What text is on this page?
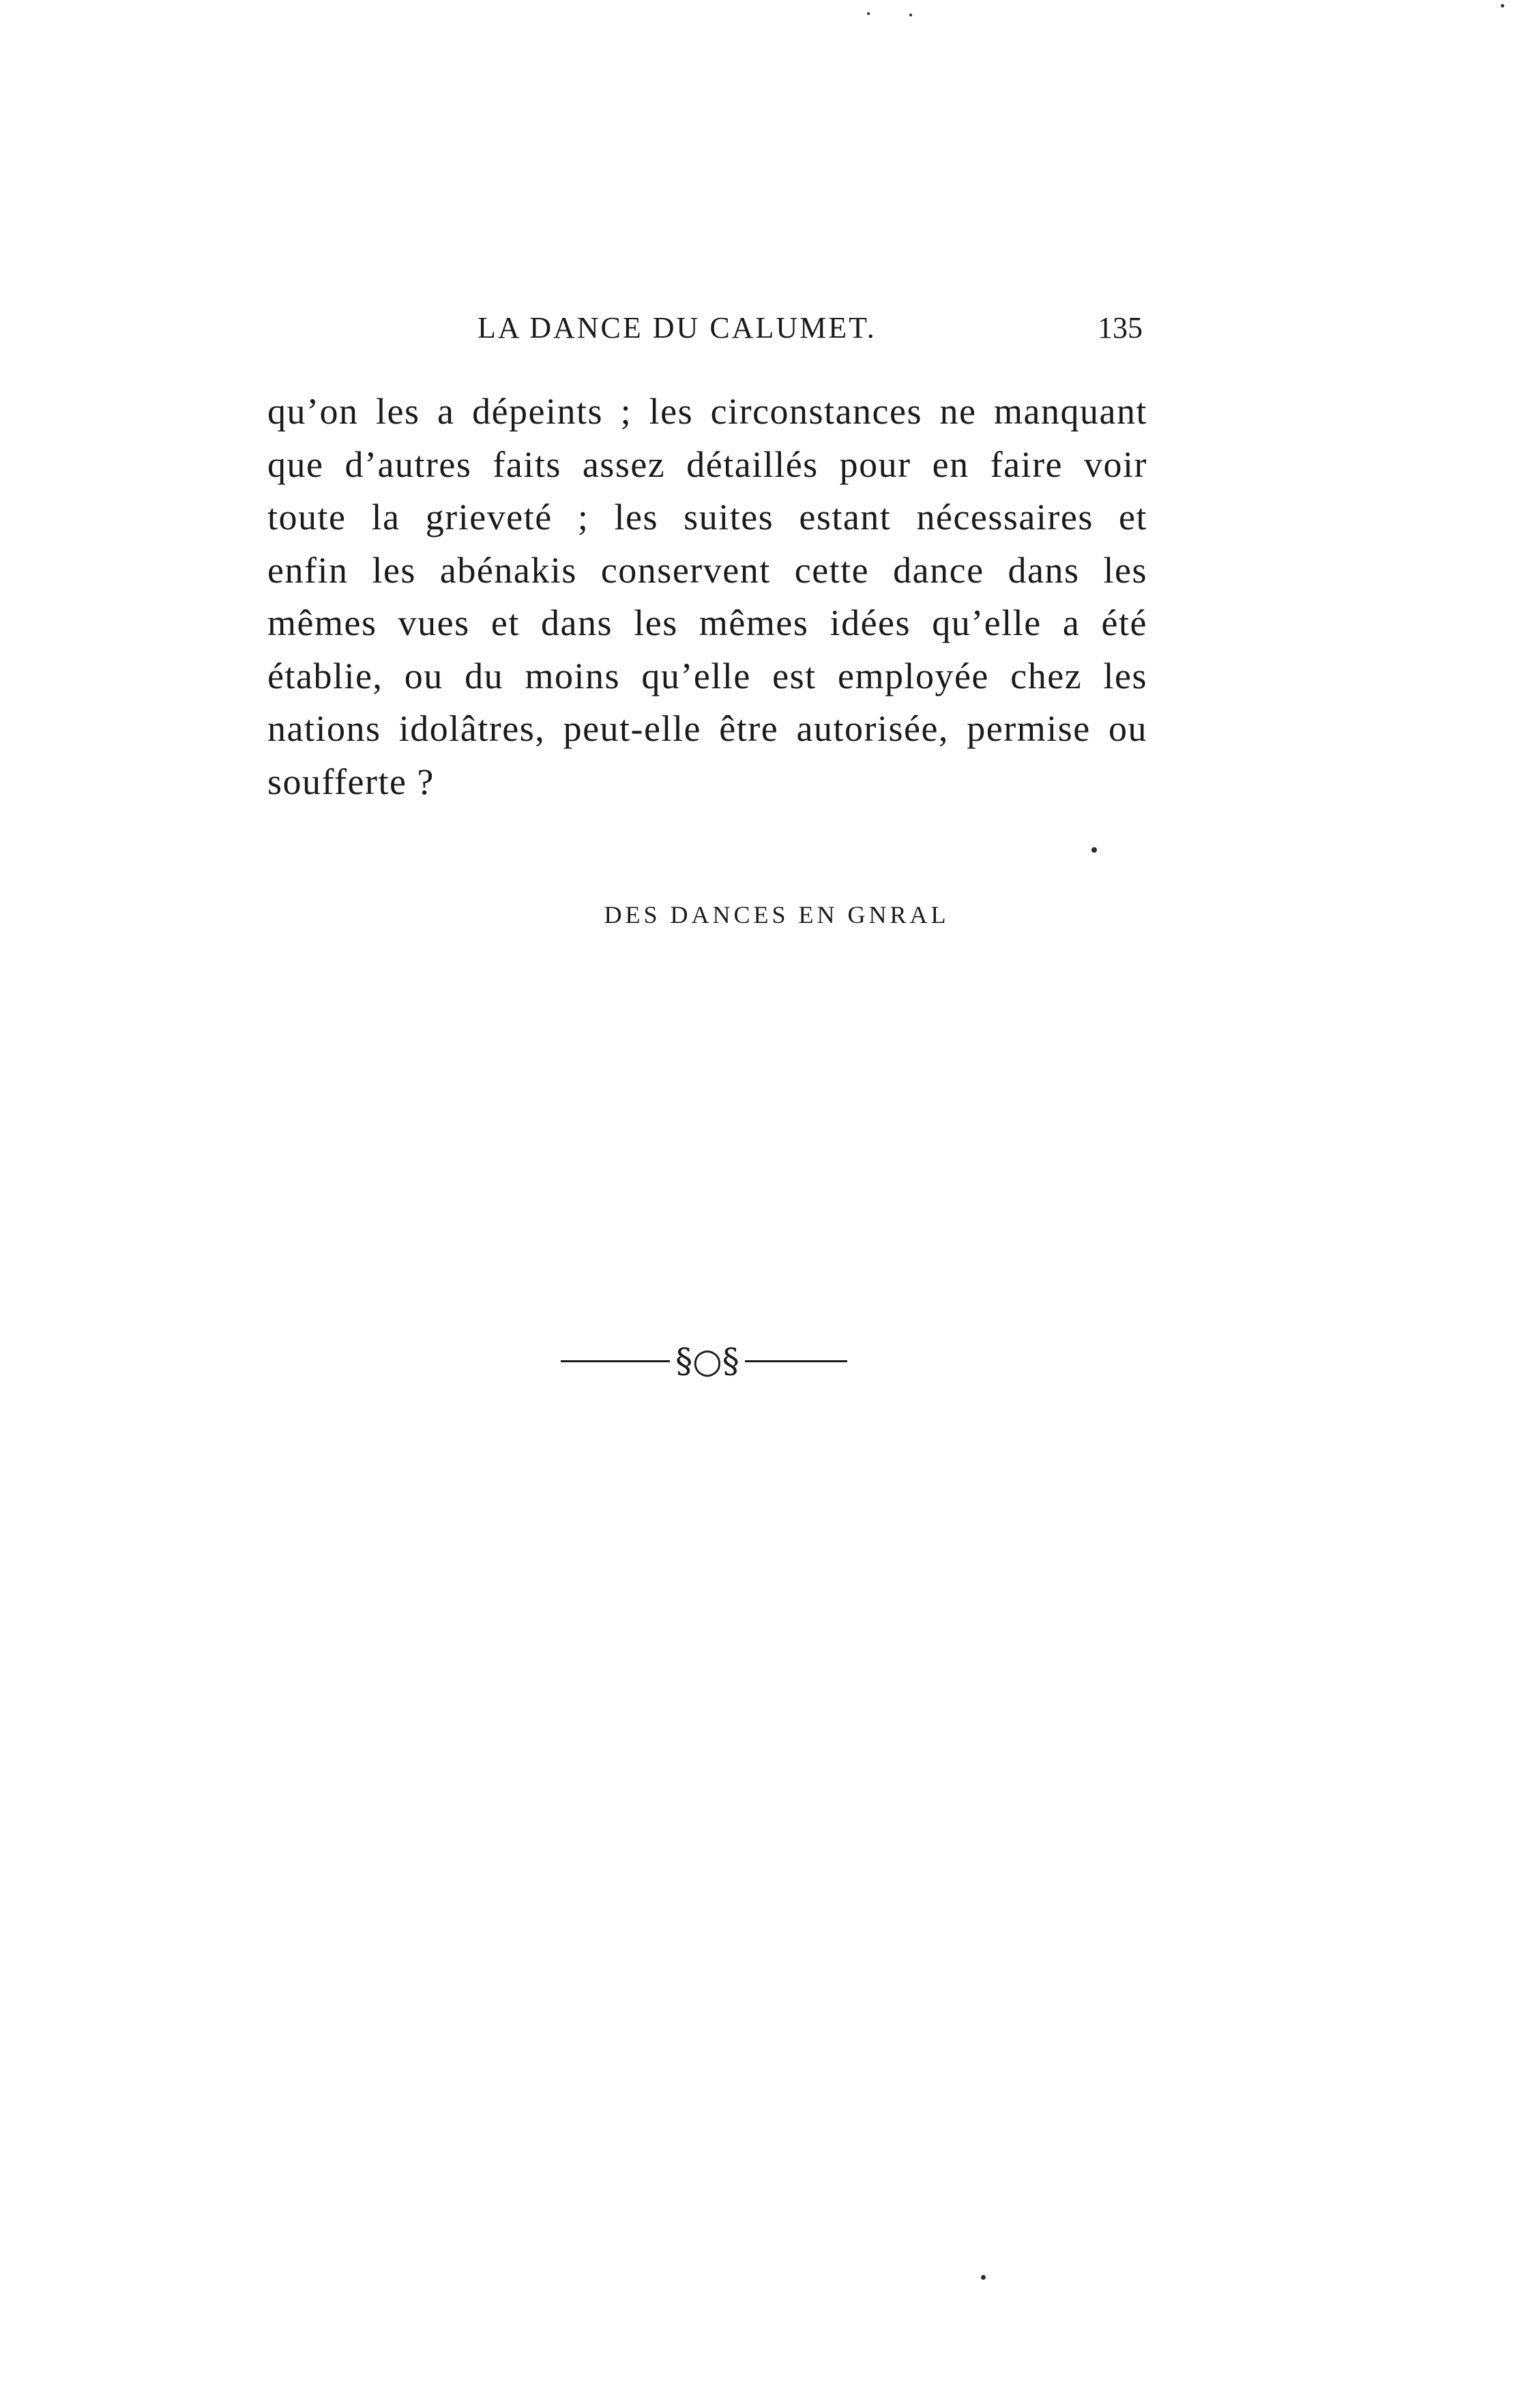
LA DANCE DU CALUMET.	135
qu’on les a dépeints ; les circonstances ne manquant
que d’autres faits assez détaillés pour en faire voir
toute la grieveté ; les suites estant nécessaires et
enfin les abénakis conservent cette dance dans les
mêmes vues et dans les mêmes idées qu’elle a été
établie, ou du moins qu’elle est employée chez les
nations idolâtres, peut-elle être autorisée, permise ou
soufferte ?
DES DANCES EN GNRAL
§○§
